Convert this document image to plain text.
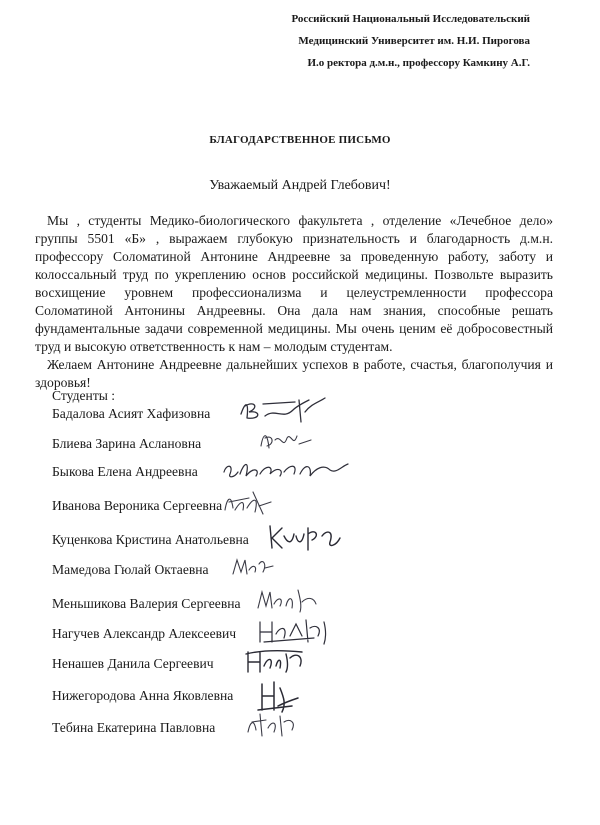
Российский Национальный Исследовательский
Медицинский Университет им. Н.И. Пирогова
И.о ректора д.м.н., профессору Камкину А.Г.
БЛАГОДАРСТВЕННОЕ ПИСЬМО
Уважаемый Андрей Глебович!

Мы , студенты Медико-биологического факультета , отделение «Лечебное дело» группы 5501 «Б» , выражаем глубокую признательность и благодарность д.м.н. профессору Соломатиной Антонине Андреевне за проведенную работу, заботу и колоссальный труд по укреплению основ российской медицины. Позвольте выразить восхищение уровнем профессионализма и целеустремленности профессора Соломатиной Антонины Андреевны. Она дала нам знания, способные решать фундаментальные задачи современной медицины. Мы очень ценим её добросовестный труд и высокую ответственность к нам – молодым студентам.

Желаем Антонине Андреевне дальнейших успехов в работе, счастья, благополучия и здоровья!

Студенты :
Бадалова Асият Хафизовна
Блиева Зарина Аслановна
Быкова Елена Андреевна
Иванова Вероника Сергеевна
Куценкова Кристина Анатольевна
Мамедова Гюлай Октаевна
Меньшикова Валерия Сергеевна
Нагучев Александр Алексеевич
Ненашев Данила Сергеевич
Нижегородова Анна Яковлевна
Тебина Екатерина Павловна
